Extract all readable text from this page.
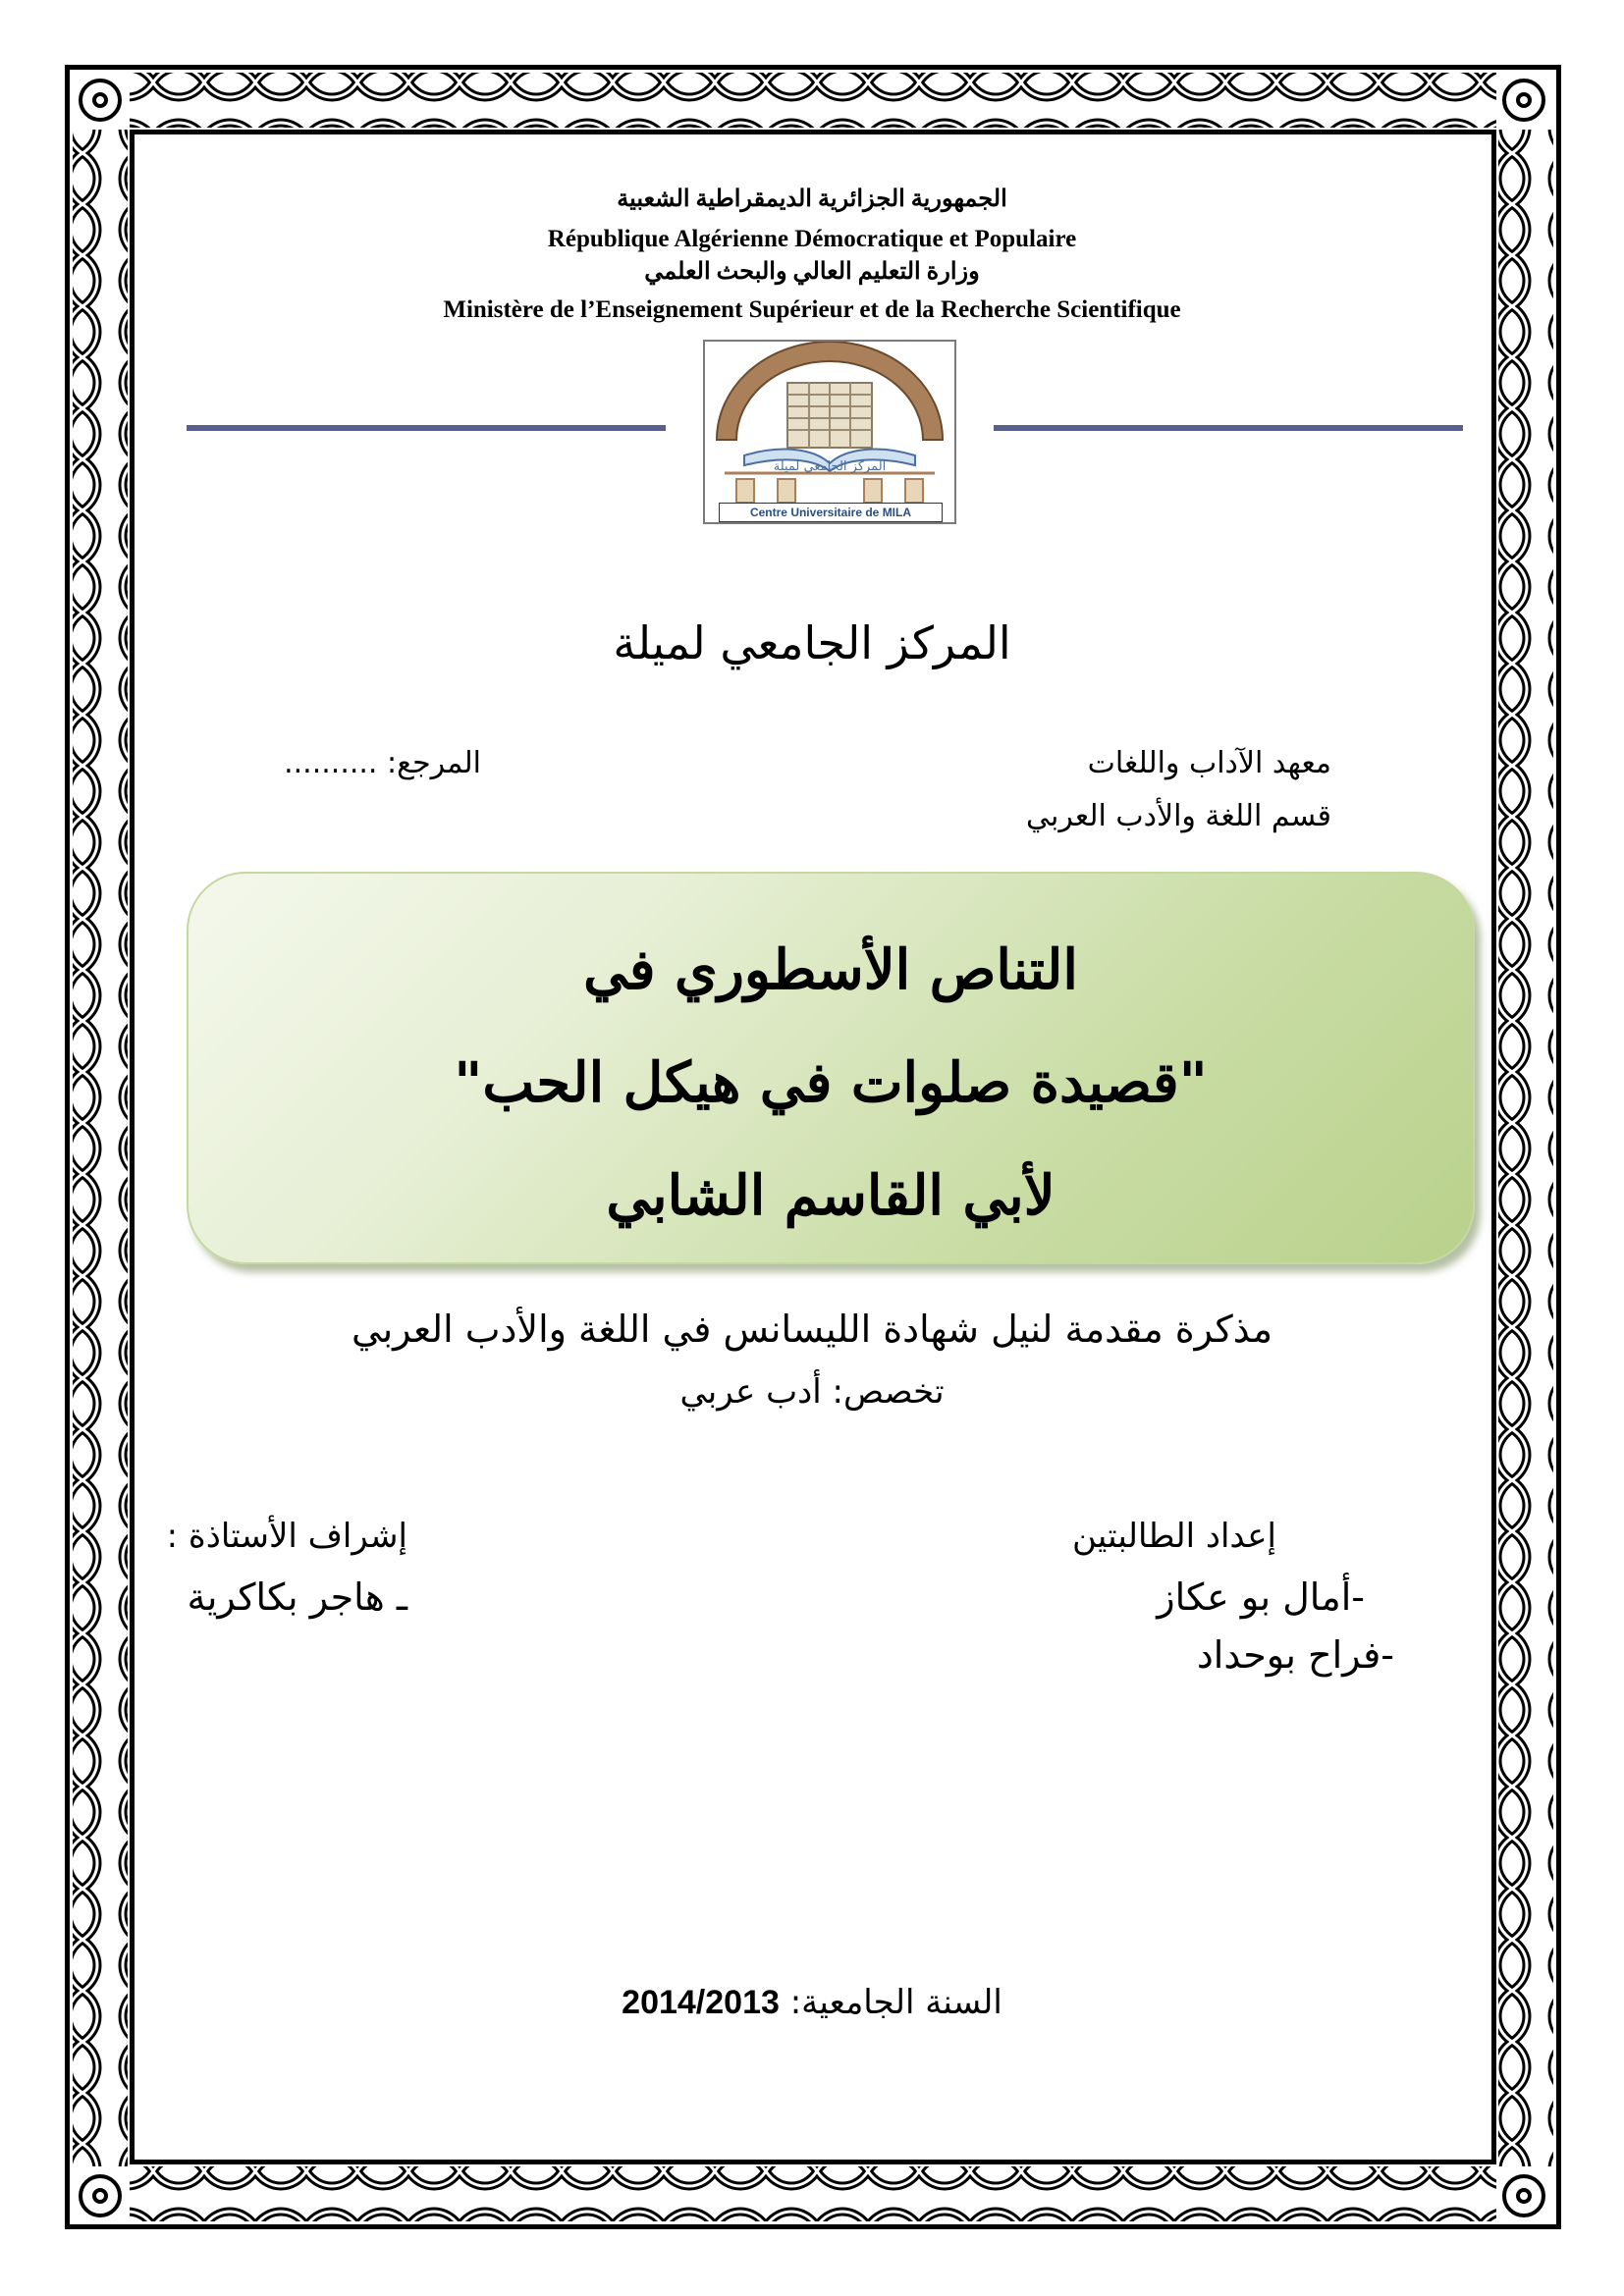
الجمهورية الجزائرية الديمقراطية الشعبية
République Algérienne Démocratique et Populaire
وزارة التعليم العالي والبحث العلمي
Ministère de l’Enseignement Supérieur et de la Recherche Scientifique
المركز الجامعي لميلة
Centre Universitaire de MILA
المركز الجامعي لميلة
معهد الآداب واللغات
قسم اللغة والأدب العربي
المرجع: ..........
التناص الأسطوري في
"قصيدة صلوات في هيكل الحب"
لأبي القاسم الشابي
مذكرة مقدمة لنيل شهادة الليسانس في اللغة والأدب العربي
تخصص: أدب عربي
إعداد الطالبتين
-أمال بو عكاز
-فراح بوحداد
إشراف الأستاذة :
ـ هاجر بكاكرية
السنة الجامعية: 2014/2013
